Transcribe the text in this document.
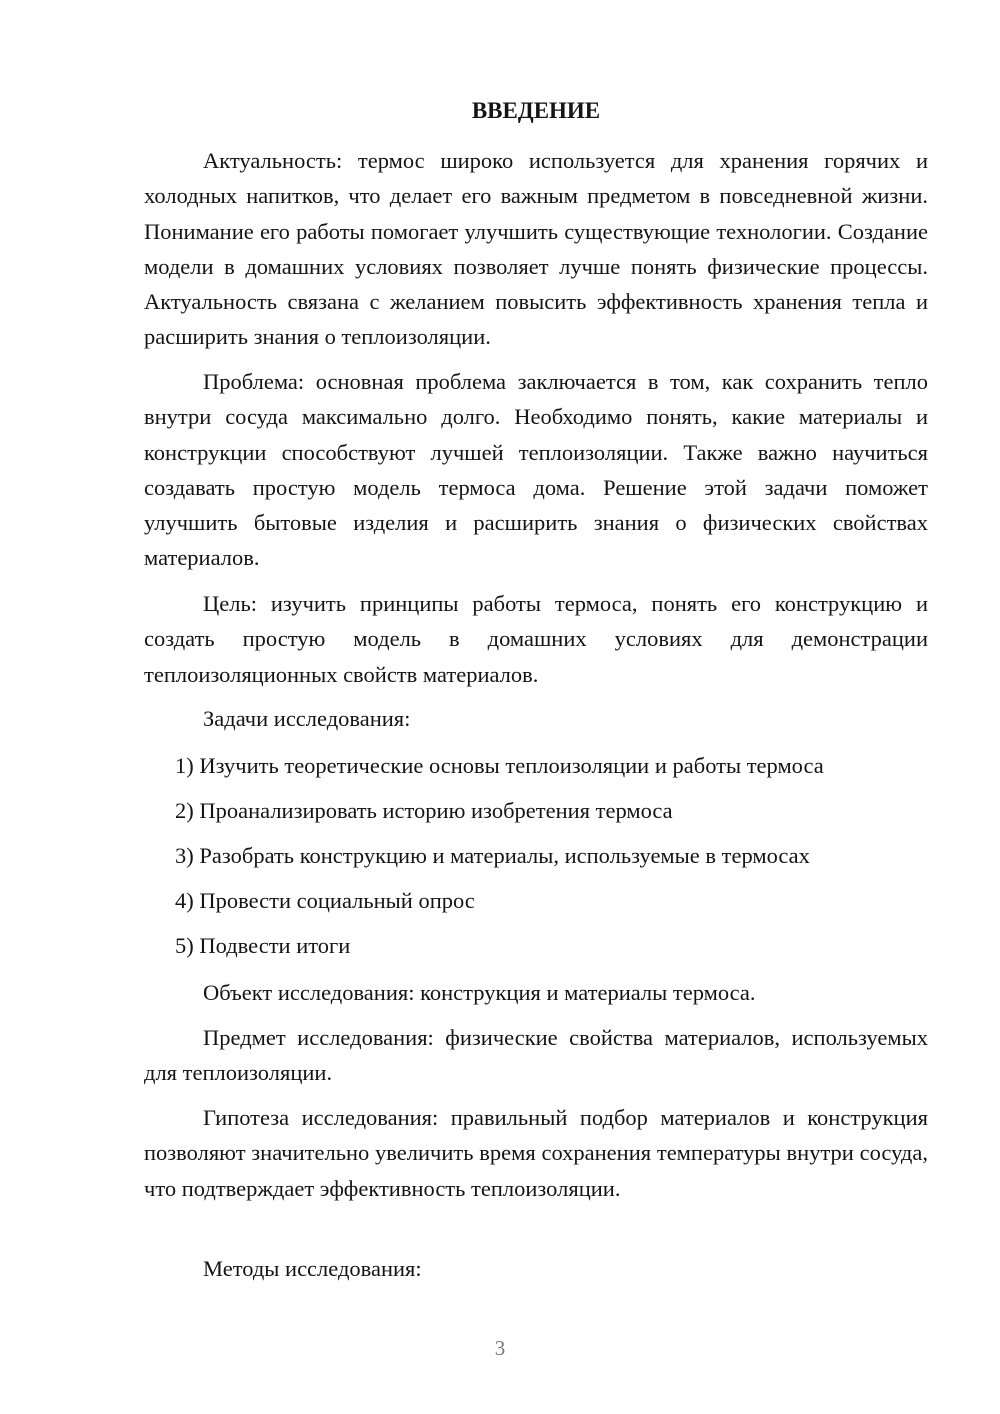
ВВЕДЕНИЕ

Актуальность: термос широко используется для хранения горячих и холодных напитков, что делает его важным предметом в повседневной жизни. Понимание его работы помогает улучшить существующие технологии. Создание модели в домашних условиях позволяет лучше понять физические процессы. Актуальность связана с желанием повысить эффективность хранения тепла и расширить знания о теплоизоляции.

Проблема: основная проблема заключается в том, как сохранить тепло внутри сосуда максимально долго. Необходимо понять, какие материалы и конструкции способствуют лучшей теплоизоляции. Также важно научиться создавать простую модель термоса дома. Решение этой задачи поможет улучшить бытовые изделия и расширить знания о физических свойствах материалов.

Цель: изучить принципы работы термоса, понять его конструкцию и создать простую модель в домашних условиях для демонстрации теплоизоляционных свойств материалов.

Задачи исследования:

1) Изучить теоретические основы теплоизоляции и работы термоса

2) Проанализировать историю изобретения термоса

3) Разобрать конструкцию и материалы, используемые в термосах

4) Провести социальный опрос

5) Подвести итоги

Объект исследования: конструкция и материалы термоса.

Предмет исследования: физические свойства материалов, используемых для теплоизоляции.

Гипотеза исследования: правильный подбор материалов и конструкция позволяют значительно увеличить время сохранения температуры внутри сосуда, что подтверждает эффективность теплоизоляции.

Методы исследования:

3
